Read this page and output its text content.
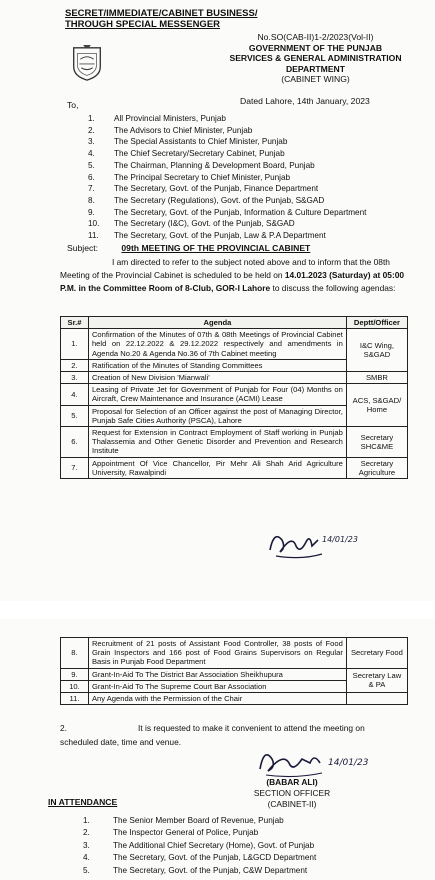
SECRET/IMMEDIATE/CABINET BUSINESS/
THROUGH SPECIAL MESSENGER
No.SO(CAB-II)1-2/2023(Vol-II)
GOVERNMENT OF THE PUNJAB
SERVICES & GENERAL ADMINISTRATION
DEPARTMENT
(CABINET WING)
Dated Lahore, 14th January, 2023
To,
1.	All Provincial Ministers, Punjab
2.	The Advisors to Chief Minister, Punjab
3.	The Special Assistants to Chief Minister, Punjab
4.	The Chief Secretary/Secretary Cabinet, Punjab
5.	The Chairman, Planning & Development Board, Punjab
6.	The Principal Secretary to Chief Minister, Punjab
7.	The Secretary, Govt. of the Punjab, Finance Department
8.	The Secretary (Regulations), Govt. of the Punjab, S&GAD
9.	The Secretary, Govt. of the Punjab, Information & Culture Department
10.	The Secretary (I&C), Govt. of the Punjab, S&GAD
11.	The Secretary, Govt. of the Punjab, Law & P.A Department
Subject:	09th MEETING OF THE PROVINCIAL CABINET
I am directed to refer to the subject noted above and to inform that the 08th Meeting of the Provincial Cabinet is scheduled to be held on 14.01.2023 (Saturday) at 05:00 P.M. in the Committee Room of 8-Club, GOR-I Lahore to discuss the following agendas:
Sr.#	Agenda	Deptt/Officer
1.	Confirmation of the Minutes of 07th & 08th Meetings of Provincial Cabinet held on 22.12.2022 & 29.12.2022 respectively and amendments in Agenda No.20 & Agenda No.36 of 7th Cabinet meeting	I&C Wing, S&GAD
2.	Ratification of the Minutes of Standing Committees	
3.	Creation of New Division 'Mianwali'	SMBR
4.	Leasing of Private Jet for Government of Punjab for Four (04) Months on Aircraft, Crew Maintenance and Insurance (ACMI) Lease	ACS, S&GAD/ Home
5.	Proposal for Selection of an Officer against the post of Managing Director, Punjab Safe Cities Authority (PSCA), Lahore	
6.	Request for Extension in Contract Employment of Staff working in Punjab Thalassemia and Other Genetic Disorder and Prevention and Research Institute	Secretary SHC&ME
7.	Appointment Of Vice Chancellor, Pir Mehr Ali Shah Arid Agriculture University, Rawalpindi	Secretary Agriculture
14/01/23
8.	Recruitment of 21 posts of Assistant Food Controller, 38 posts of Food Grain Inspectors and 166 post of Food Grains Supervisors on Regular Basis in Punjab Food Department	Secretary Food
9.	Grant-In-Aid To The District Bar Association Sheikhupura	Secretary Law & PA
10.	Grant-In-Aid To The Supreme Court Bar Association	
11.	Any Agenda with the Permission of the Chair	
2.	It is requested to make it convenient to attend the meeting on scheduled date, time and venue.
14/01/23
(BABAR ALI)
SECTION OFFICER (CABINET-II)
IN ATTENDANCE
1.	The Senior Member Board of Revenue, Punjab
2.	The Inspector General of Police, Punjab
3.	The Additional Chief Secretary (Home), Govt. of Punjab
4.	The Secretary, Govt. of the Punjab, L&GCD Department
5.	The Secretary, Govt. of the Punjab, C&W Department
